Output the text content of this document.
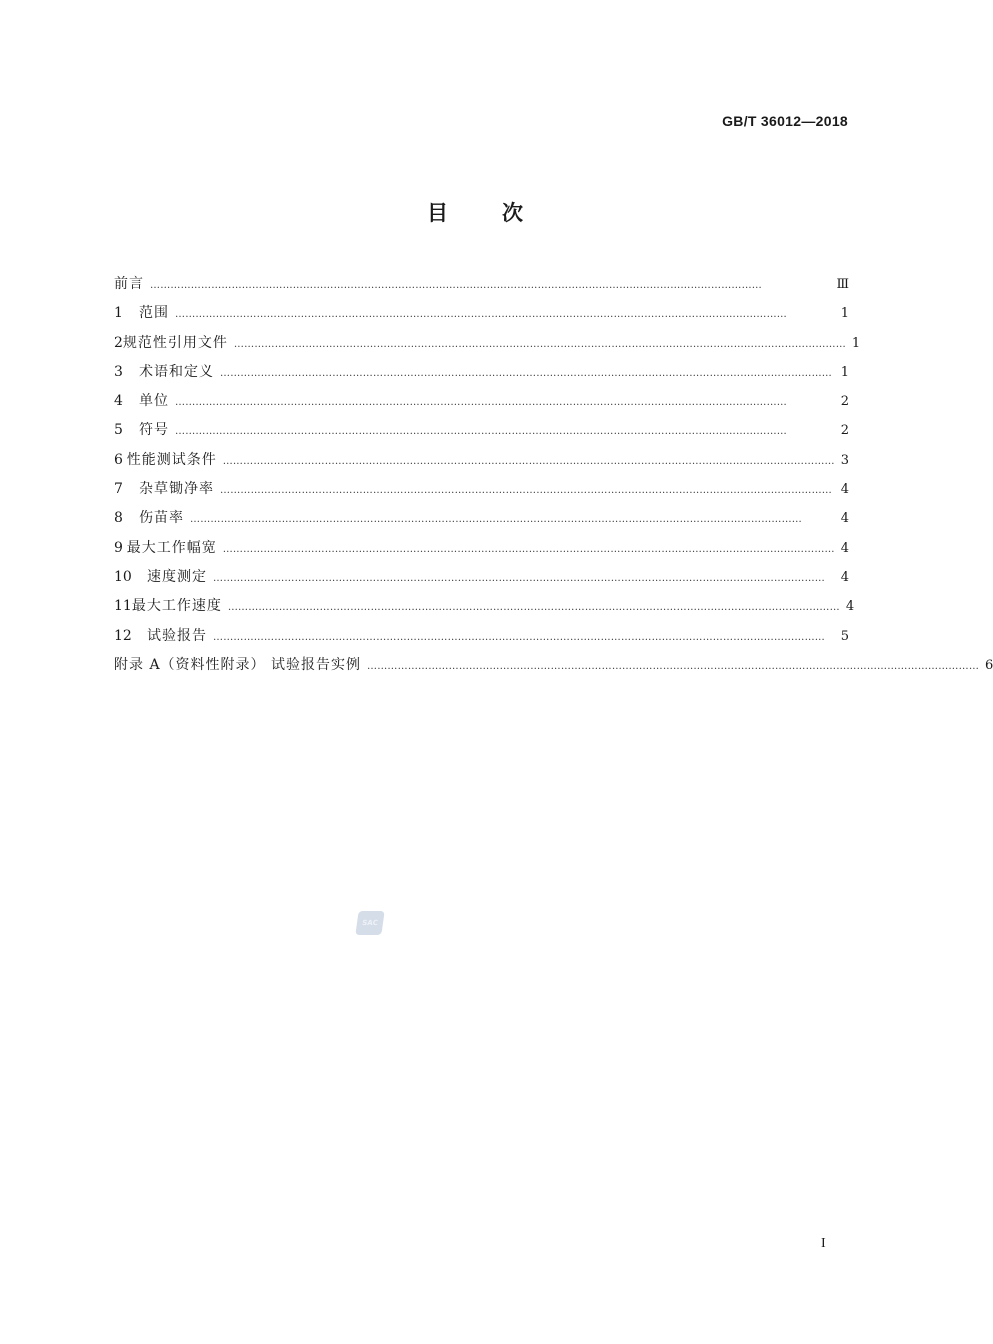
GB/T 36012—2018
目	次
前言 ………………………………………………………………………………………………………………………………………………………………	Ⅲ
1	范围 ………………………………………………………………………………………………………………………………………………………………	1
2 规范性引用文件 ……………………………………………………………………………………………………………………………………………………………… 1
3	术语和定义 ……………………………………………………………………………………………………………………………………………………………… 1
4	单位 ………………………………………………………………………………………………………………………………………………………………	2
5	符号 ………………………………………………………………………………………………………………………………………………………………	2
6 性能测试条件 ……………………………………………………………………………………………………………………………………………………………… 3
7	杂草锄净率 ……………………………………………………………………………………………………………………………………………………………… 4
8	伤苗率 ………………………………………………………………………………………………………………………………………………………………	4
9 最大工作幅宽 ……………………………………………………………………………………………………………………………………………………………… 4
10	速度测定 ………………………………………………………………………………………………………………………………………………………………	4
11 最大工作速度 ……………………………………………………………………………………………………………………………………………………………… 4
12	试验报告 ………………………………………………………………………………………………………………………………………………………………	5
附录 A（资料性附录） 试验报告实例 ……………………………………………………………………………………………………………………………………………………………… 6
SAC
I
